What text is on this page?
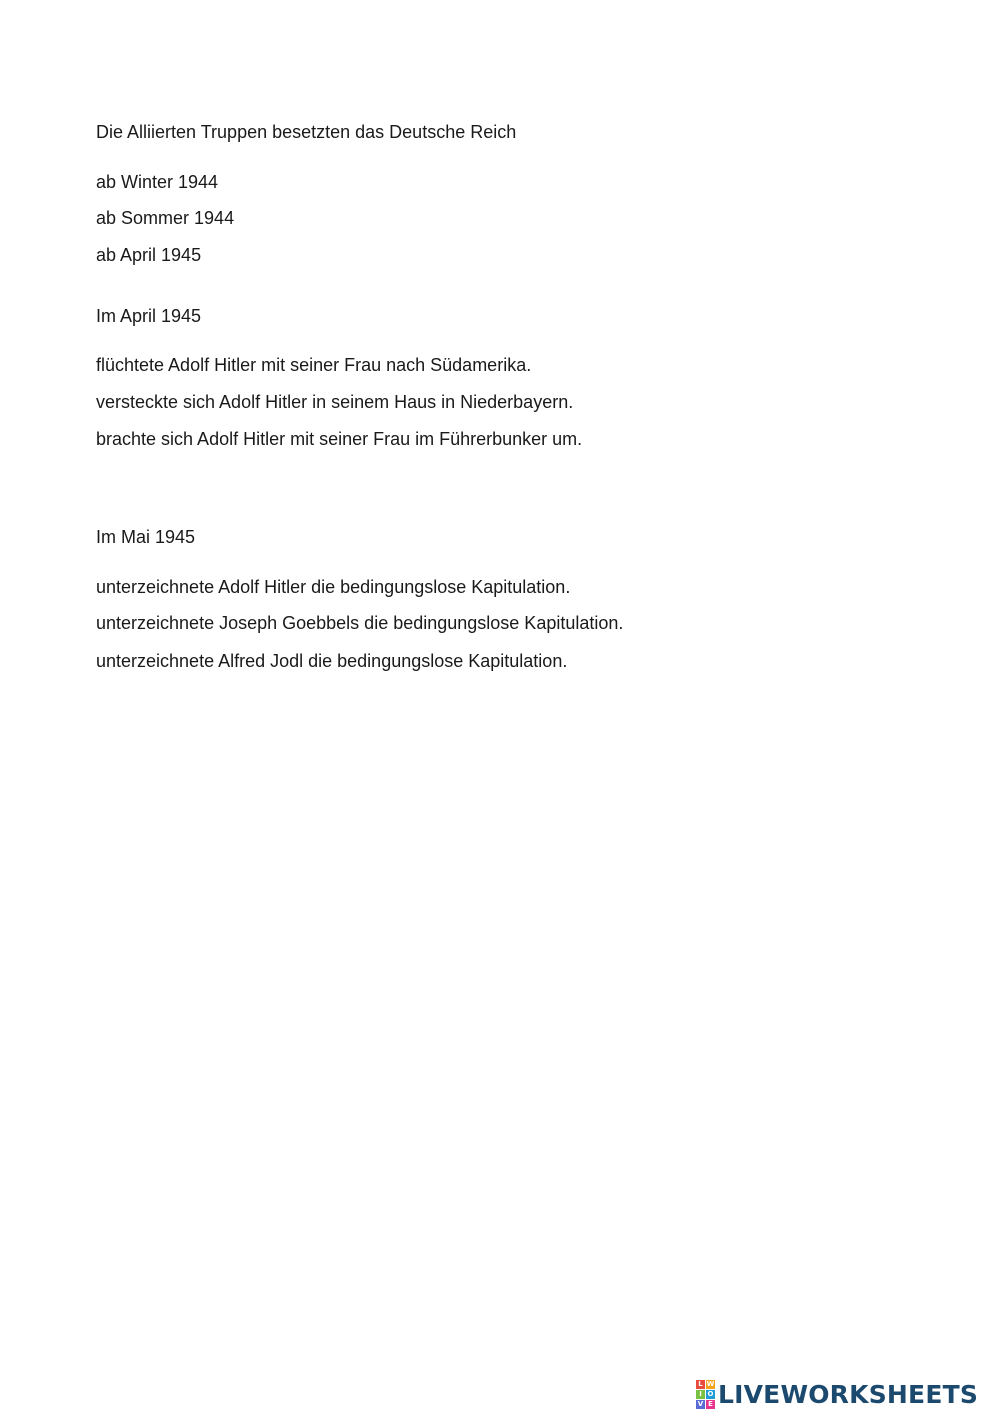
Die Alliierten Truppen besetzten das Deutsche Reich
ab Winter 1944
ab Sommer 1944
ab April 1945
Im April 1945
flüchtete Adolf Hitler mit seiner Frau nach Südamerika.
versteckte sich Adolf Hitler in seinem Haus in Niederbayern.
brachte sich Adolf Hitler mit seiner Frau im Führerbunker um.
Im Mai 1945
unterzeichnete Adolf Hitler die bedingungslose Kapitulation.
unterzeichnete Joseph Goebbels die bedingungslose Kapitulation.
unterzeichnete Alfred Jodl die bedingungslose Kapitulation.
L W
I O
V E LIVEWORKSHEETS
